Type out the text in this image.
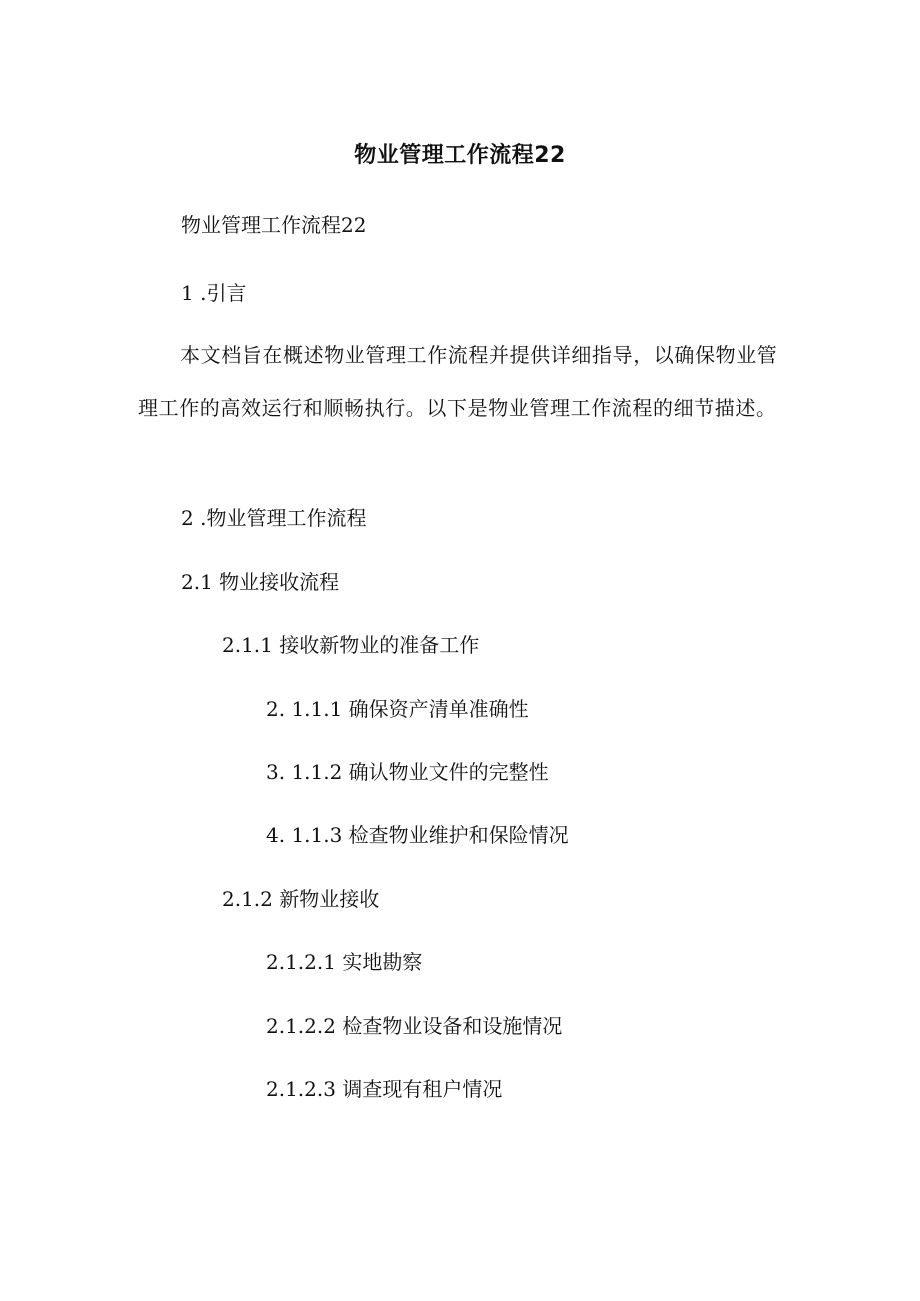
物业管理工作流程22
物业管理工作流程22
1 .引言
本文档旨在概述物业管理工作流程并提供详细指导，以确保物业管理工作的高效运行和顺畅执行。以下是物业管理工作流程的细节描述。
2 .物业管理工作流程
2.1 物业接收流程
2.1.1 接收新物业的准备工作
2. 1.1.1 确保资产清单准确性
3. 1.1.2 确认物业文件的完整性
4. 1.1.3 检查物业维护和保险情况
2.1.2 新物业接收
2.1.2.1 实地勘察
2.1.2.2 检查物业设备和设施情况
2.1.2.3 调查现有租户情况
